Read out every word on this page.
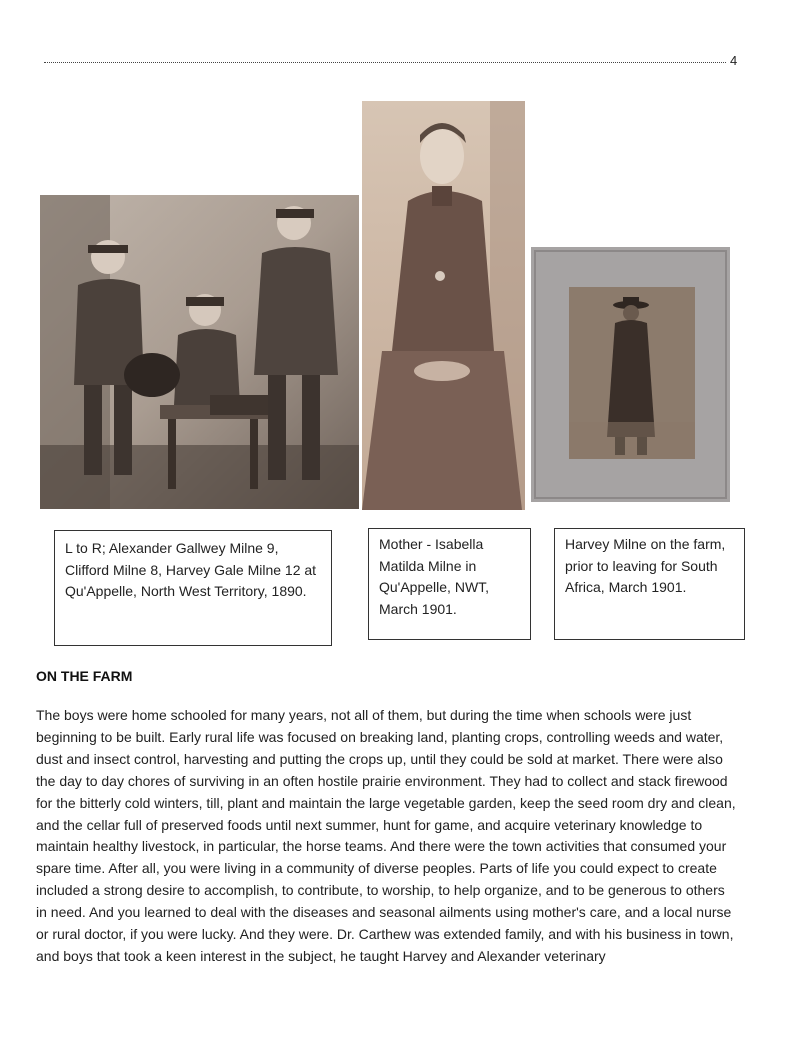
4
L to R; Alexander Gallwey Milne 9, Clifford Milne 8, Harvey Gale Milne 12 at Qu'Appelle, North West Territory, 1890.
Mother - Isabella Matilda Milne in Qu'Appelle, NWT, March 1901.
Harvey Milne on the farm, prior to leaving for South Africa, March 1901.
ON THE FARM

The boys were home schooled for many years, not all of them, but during the time when schools were just beginning to be built. Early rural life was focused on breaking land, planting crops, controlling weeds and water, dust and insect control, harvesting and putting the crops up, until they could be sold at market. There were also the day to day chores of surviving in an often hostile prairie environment. They had to collect and stack firewood for the bitterly cold winters, till, plant and maintain the large vegetable garden, keep the seed room dry and clean, and the cellar full of preserved foods until next summer, hunt for game, and acquire veterinary knowledge to maintain healthy livestock, in particular, the horse teams. And there were the town activities that consumed your spare time. After all, you were living in a community of diverse peoples. Parts of life you could expect to create included a strong desire to accomplish, to contribute, to worship, to help organize, and to be generous to others in need. And you learned to deal with the diseases and seasonal ailments using mother's care, and a local nurse or rural doctor, if you were lucky. And they were. Dr. Carthew was extended family, and with his business in town, and boys that took a keen interest in the subject, he taught Harvey and Alexander veterinary
